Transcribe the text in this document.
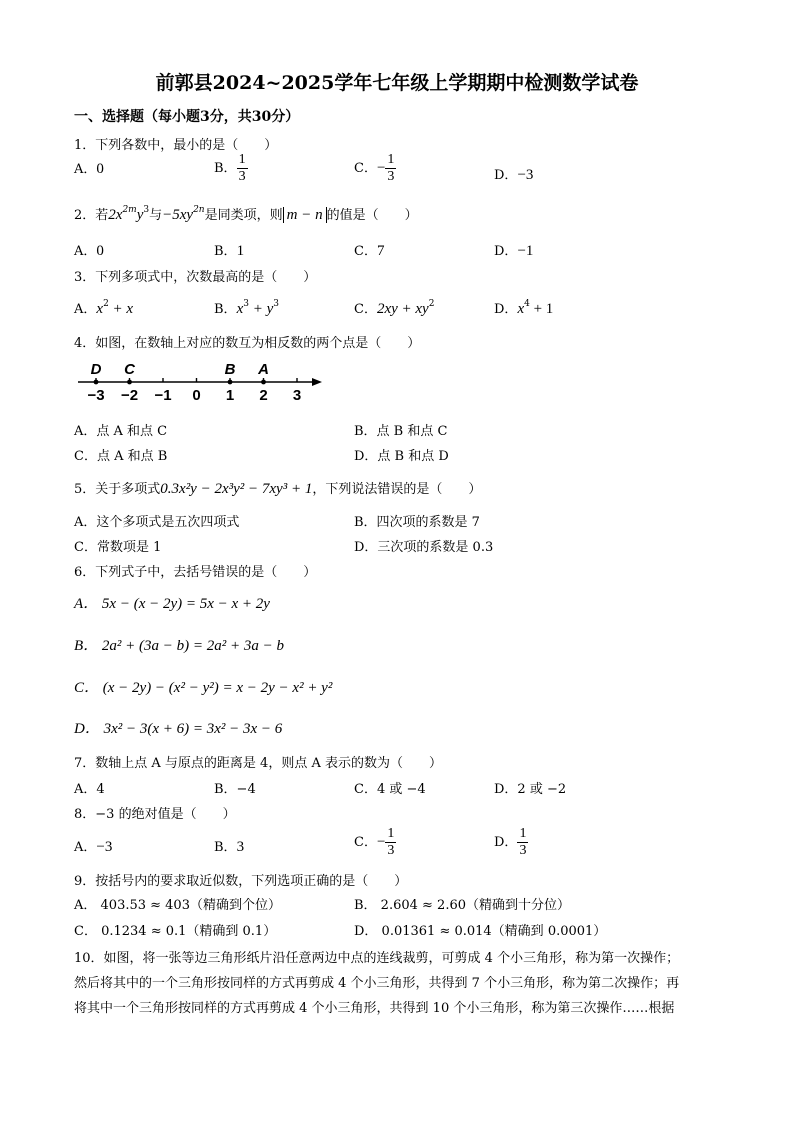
前郭县2024~2025学年七年级上学期期中检测数学试卷
一、选择题（每小题3分，共30分）
1．下列各数中，最小的是（　　）
A．0	B． $\frac{1}{3}$	C．− $\frac{1}{3}$	D．−3
2．若$2x^{2m}y^3$与$-5xy^{2n}$是同类项，则 m − n 的值是（　　）
A．0	B．1	C．7	D．−1
3．下列多项式中，次数最高的是（　　）
A．$x^2 + x$	B．$x^3 + y^3$	C．$2xy + xy^2$	D．$x^4 + 1$
4．如图，在数轴上对应的数互为相反数的两个点是（　　）
−3 −2 −1 0 1 2 3
D C	B A
A．点 A 和点 C	B．点 B 和点 C
C．点 A 和点 B	D．点 B 和点 D
5．关于多项式0.3x²y − 2x³y² − 7xy³ + 1，下列说法错误的是（　　）
A．这个多项式是五次四项式	B．四次项的系数是 7
C．常数项是 1	D．三次项的系数是 0.3
6．下列式子中，去括号错误的是（　　）
A． 5x − (x − 2y) = 5x − x + 2y
B． 2a² + (3a − b) = 2a² + 3a − b
C． (x − 2y) − (x² − y²) = x − 2y − x² + y²
D． 3x² − 3(x + 6) = 3x² − 3x − 6
7．数轴上点 A 与原点的距离是 4，则点 A 表示的数为（　　）
A．4	B．−4	C．4 或 −4	D．2 或 −2
8．−3 的绝对值是（　　）
A．−3	B．3	C．− $\frac{1}{3}$	D． $\frac{1}{3}$
9．按括号内的要求取近似数，下列选项正确的是（　　）
A． 403.53 ≈ 403（精确到个位）	B． 2.604 ≈ 2.60（精确到十分位）
C． 0.1234 ≈ 0.1（精确到 0.1）	D． 0.01361 ≈ 0.014（精确到 0.0001）
10．如图，将一张等边三角形纸片沿任意两边中点的连线裁剪，可剪成 4 个小三角形，称为第一次操作；
然后将其中的一个三角形按同样的方式再剪成 4 个小三角形，共得到 7 个小三角形，称为第二次操作；再
将其中一个三角形按同样的方式再剪成 4 个小三角形，共得到 10 个小三角形，称为第三次操作……根据
